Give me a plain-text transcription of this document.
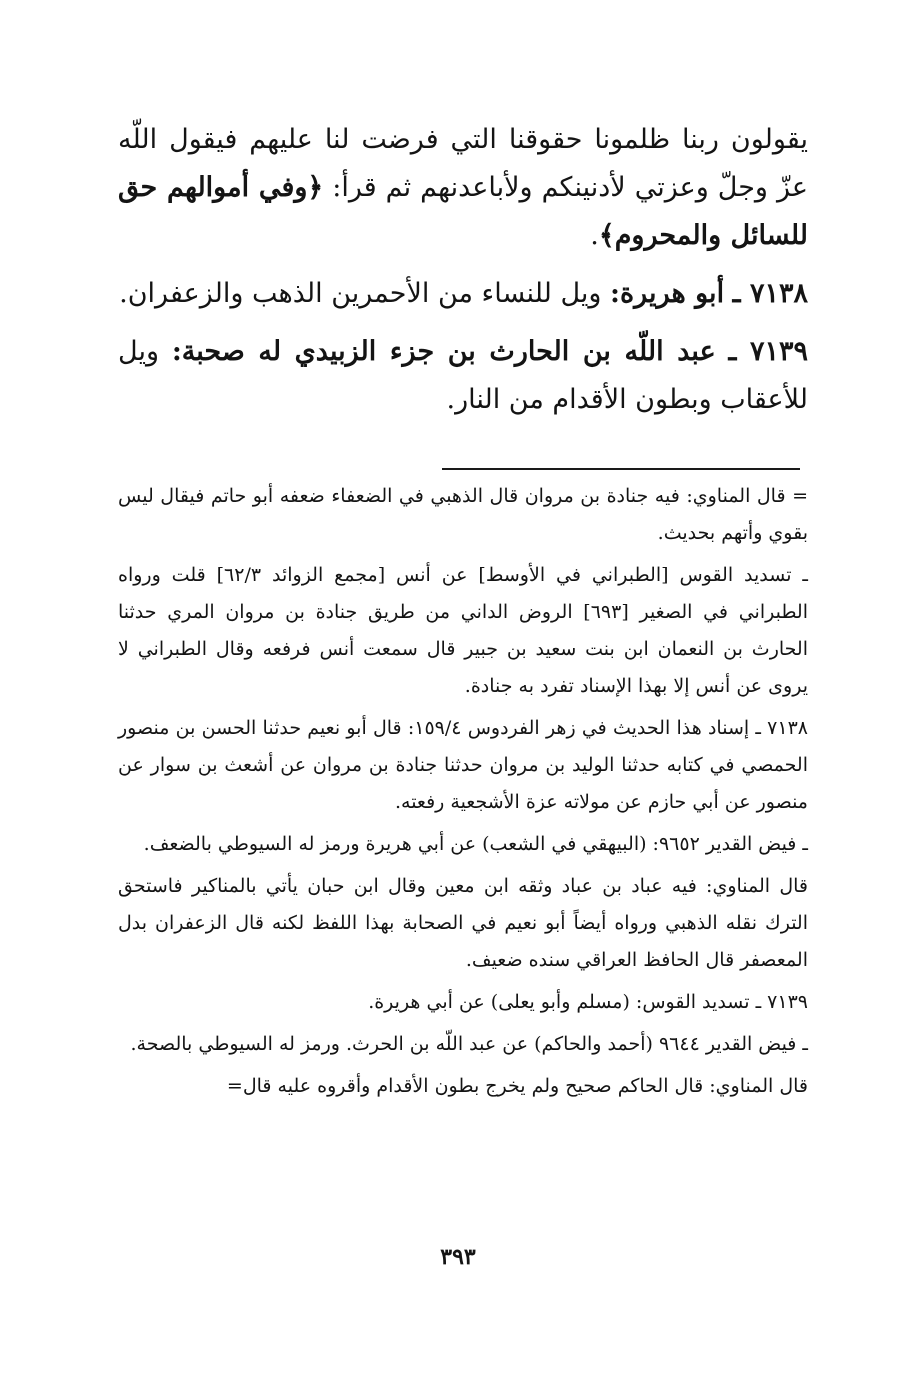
يقولون ربنا ظلمونا حقوقنا التي فرضت لنا عليهم فيقول اللّه عزّ وجلّ وعزتي لأدنينكم ولأباعدنهم ثم قرأ: ﴿وفي أموالهم حق للسائل والمحروم﴾.

٧١٣٨ ـ أبو هريرة: ويل للنساء من الأحمرين الذهب والزعفران.

٧١٣٩ ـ عبد اللّه بن الحارث بن جزء الزبيدي له صحبة: ويل للأعقاب وبطون الأقدام من النار.

= قال المناوي: فيه جنادة بن مروان قال الذهبي في الضعفاء ضعفه أبو حاتم فيقال ليس بقوي وأتهم بحديث.

ـ تسديد القوس [الطبراني في الأوسط] عن أنس [مجمع الزوائد ٦٢/٣] قلت ورواه الطبراني في الصغير [٦٩٣] الروض الداني من طريق جنادة بن مروان المري حدثنا الحارث بن النعمان ابن بنت سعيد بن جبير قال سمعت أنس فرفعه وقال الطبراني لا يروى عن أنس إلا بهذا الإسناد تفرد به جنادة.

٧١٣٨ ـ إسناد هذا الحديث في زهر الفردوس ١٥٩/٤: قال أبو نعيم حدثنا الحسن بن منصور الحمصي في كتابه حدثنا الوليد بن مروان حدثنا جنادة بن مروان عن أشعث بن سوار عن منصور عن أبي حازم عن مولاته عزة الأشجعية رفعته.

ـ فيض القدير ٩٦٥٢: (البيهقي في الشعب) عن أبي هريرة ورمز له السيوطي بالضعف.

قال المناوي: فيه عباد بن عباد وثقه ابن معين وقال ابن حبان يأتي بالمناكير فاستحق الترك نقله الذهبي ورواه أيضاً أبو نعيم في الصحابة بهذا اللفظ لكنه قال الزعفران بدل المعصفر قال الحافظ العراقي سنده ضعيف.

٧١٣٩ ـ تسديد القوس: (مسلم وأبو يعلى) عن أبي هريرة.

ـ فيض القدير ٩٦٤٤ (أحمد والحاكم) عن عبد اللّه بن الحرث. ورمز له السيوطي بالصحة.

قال المناوي: قال الحاكم صحيح ولم يخرج بطون الأقدام وأقروه عليه قال=

٣٩٣
